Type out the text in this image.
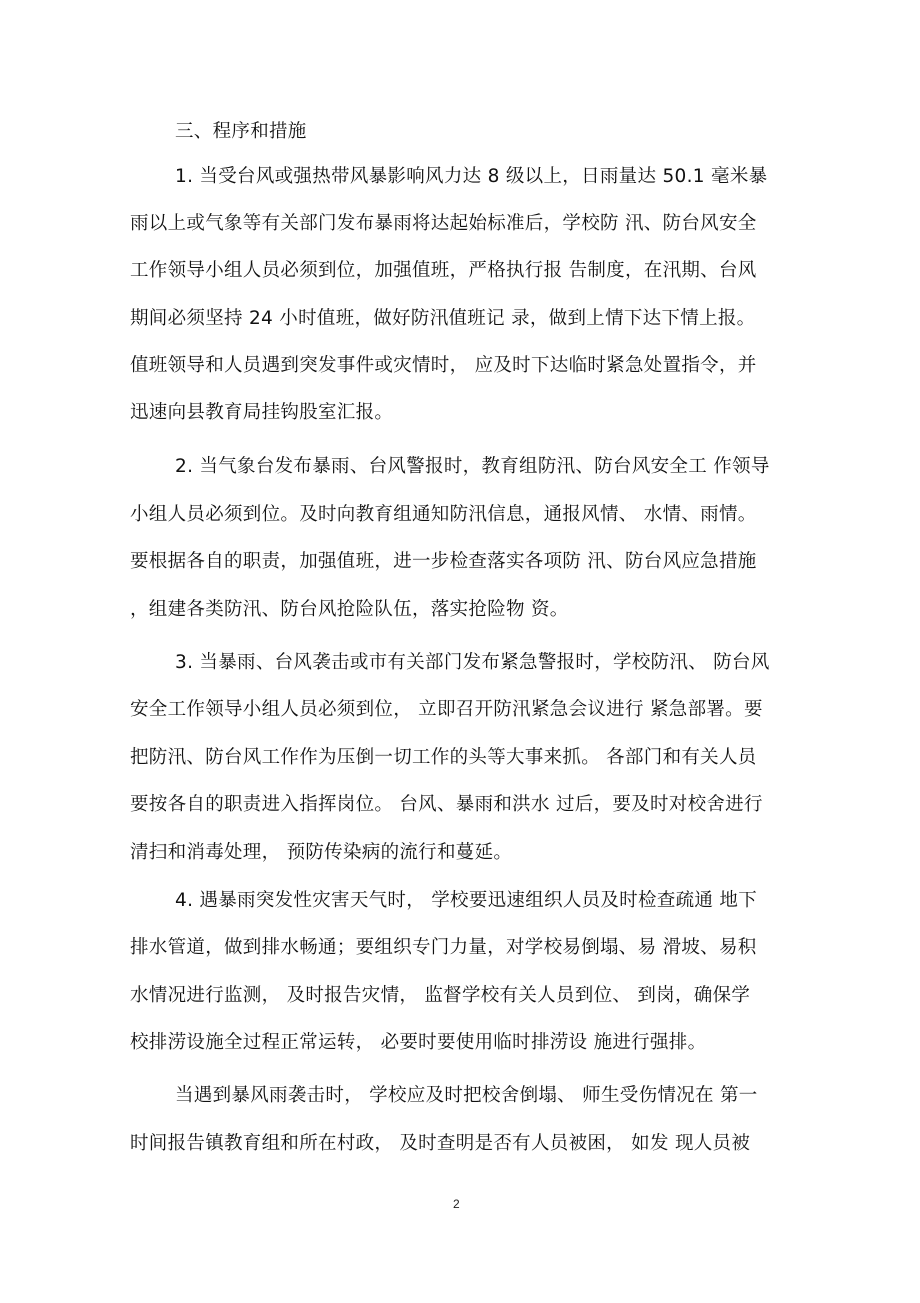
三、程序和措施
1. 当受台风或强热带风暴影响风力达 8 级以上，日雨量达 50.1 毫米暴
雨以上或气象等有关部门发布暴雨将达起始标准后，学校防 汛、防台风安全
工作领导小组人员必须到位，加强值班，严格执行报 告制度，在汛期、台风
期间必须坚持 24 小时值班，做好防汛值班记 录，做到上情下达下情上报。
值班领导和人员遇到突发事件或灾情时， 应及时下达临时紧急处置指令，并
迅速向县教育局挂钩股室汇报。
2. 当气象台发布暴雨、台风警报时，教育组防汛、防台风安全工 作领导
小组人员必须到位。及时向教育组通知防汛信息，通报风情、 水情、雨情。
要根据各自的职责，加强值班，进一步检查落实各项防 汛、防台风应急措施
，组建各类防汛、防台风抢险队伍，落实抢险物 资。
3. 当暴雨、台风袭击或市有关部门发布紧急警报时，学校防汛、 防台风
安全工作领导小组人员必须到位， 立即召开防汛紧急会议进行 紧急部署。要
把防汛、防台风工作作为压倒一切工作的头等大事来抓。 各部门和有关人员
要按各自的职责进入指挥岗位。 台风、暴雨和洪水 过后，要及时对校舍进行
清扫和消毒处理， 预防传染病的流行和蔓延。
4. 遇暴雨突发性灾害天气时， 学校要迅速组织人员及时检查疏通 地下
排水管道，做到排水畅通；要组织专门力量，对学校易倒塌、易 滑坡、易积
水情况进行监测， 及时报告灾情， 监督学校有关人员到位、 到岗，确保学
校排涝设施全过程正常运转， 必要时要使用临时排涝设 施进行强排。
当遇到暴风雨袭击时， 学校应及时把校舍倒塌、 师生受伤情况在 第一
时间报告镇教育组和所在村政， 及时查明是否有人员被困， 如发 现人员被
2
